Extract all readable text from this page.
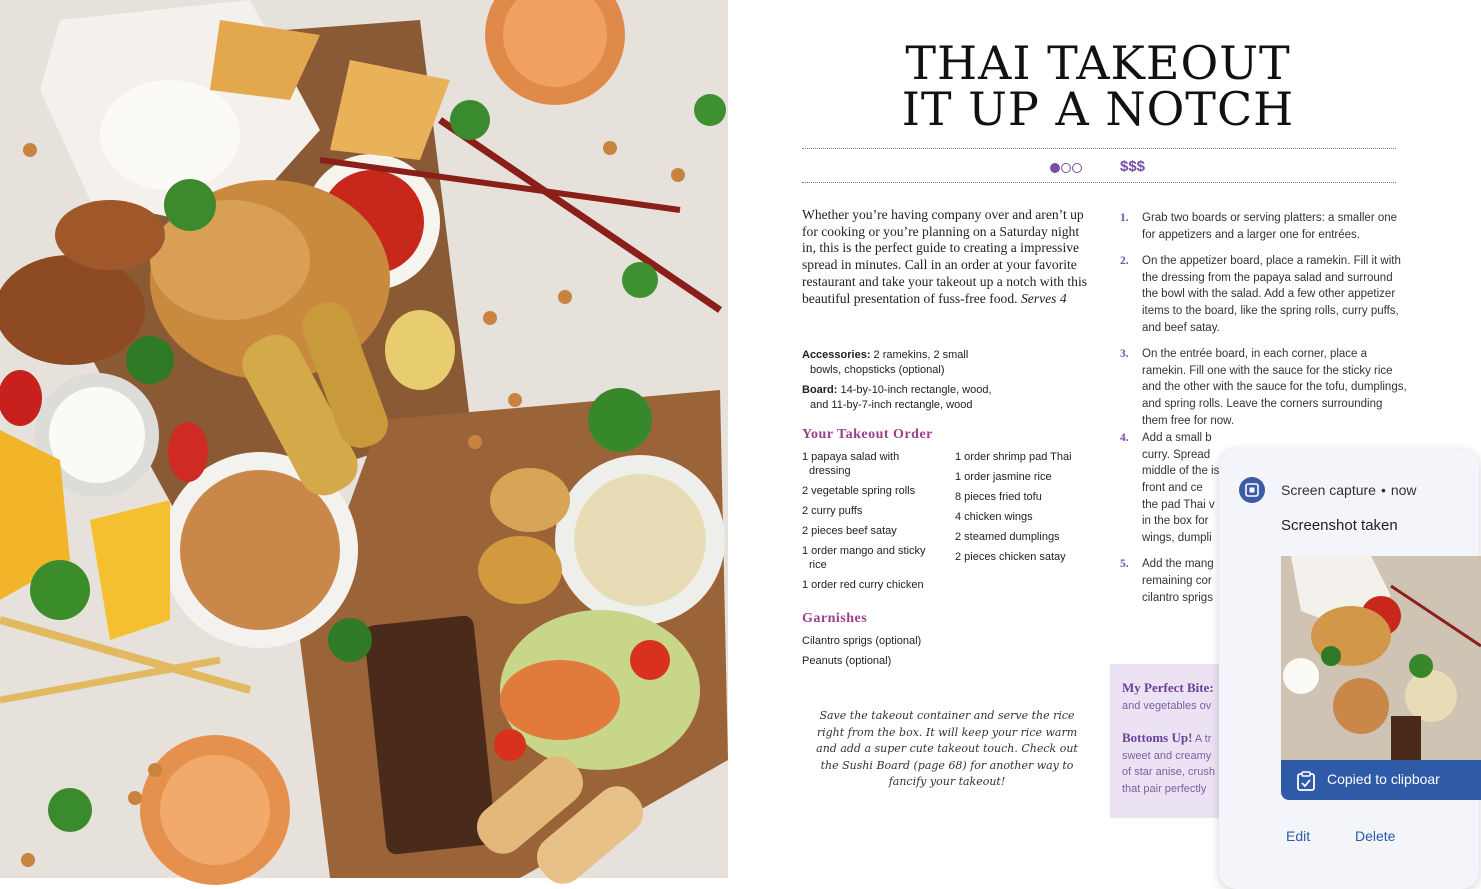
THAI TAKEOUT
IT UP A NOTCH
$$$

Whether you’re having company over and aren’t up for cooking or you’re planning on a Saturday night in, this is the perfect guide to creating a impressive spread in minutes. Call in an order at your favorite restaurant and take your takeout up a notch with this beautiful presentation of fuss-free food. Serves 4

Accessories: 2 ramekins, 2 small
bowls, chopsticks (optional)

Board: 14-by-10-inch rectangle, wood,
and 11-by-7-inch rectangle, wood

Your Takeout Order
1 papaya salad with
dressing
2 vegetable spring rolls
2 curry puffs
2 pieces beef satay
1 order mango and sticky
rice
1 order red curry chicken
1 order shrimp pad Thai
1 order jasmine rice
8 pieces fried tofu
4 chicken wings
2 steamed dumplings
2 pieces chicken satay
Garnishes
Cilantro sprigs (optional)
Peanuts (optional)

Save the takeout container and serve the rice right from the box. It will keep your rice warm and add a super cute takeout touch. Check out the Sushi Board (page 68) for another way to fancify your takeout!

1. Grab two boards or serving platters: a smaller one for appetizers and a larger one for entrées.
2. On the appetizer board, place a ramekin. Fill it with the dressing from the papaya salad and surround the bowl with the salad. Add a few other appetizer items to the board, like the spring rolls, curry puffs, and beef satay.
3. On the entrée board, in each corner, place a ramekin. Fill one with the sauce for the sticky rice and the other with the sauce for the tofu, dumplings, and spring rolls. Leave the corners surrounding them free for now.
4. Add a small b curry. Spread middle of the is front and ce the pad Thai v in the box for wings, dumpli
5. Add the mang remaining cor cilantro sprigs
My Perfect Bite: and vegetables ov
Bottoms Up! A tr sweet and creamy of star anise, crush that pair perfectly
Screen capture • now
Screenshot taken
Copied to clipboar
Edit	Delete
